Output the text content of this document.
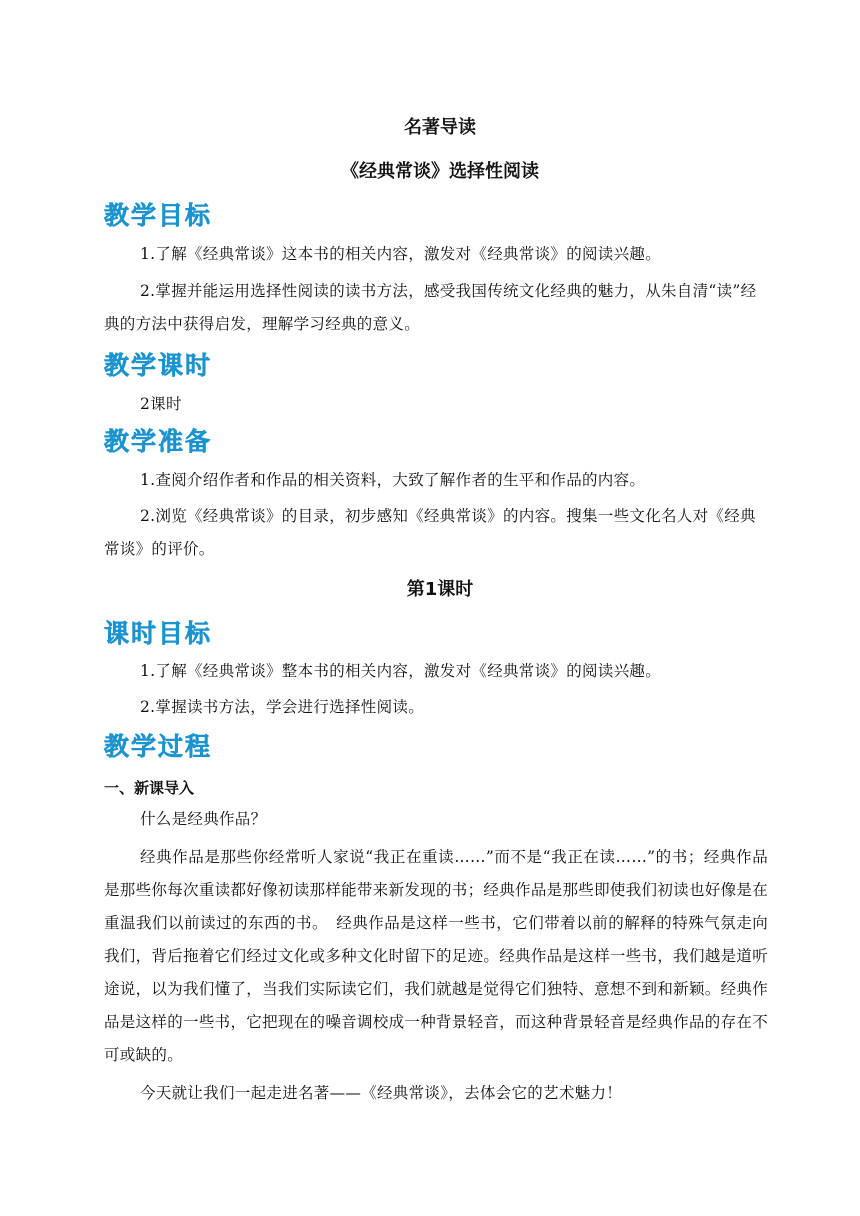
名著导读
《经典常谈》选择性阅读
教学目标
1.了解《经典常谈》这本书的相关内容，激发对《经典常谈》的阅读兴趣。
2.掌握并能运用选择性阅读的读书方法，感受我国传统文化经典的魅力，从朱自清“读”经典的方法中获得启发，理解学习经典的意义。
教学课时
2课时
教学准备
1.查阅介绍作者和作品的相关资料，大致了解作者的生平和作品的内容。
2.浏览《经典常谈》的目录，初步感知《经典常谈》的内容。搜集一些文化名人对《经典常谈》的评价。
第1课时
课时目标
1.了解《经典常谈》整本书的相关内容，激发对《经典常谈》的阅读兴趣。
2.掌握读书方法，学会进行选择性阅读。
教学过程
一、新课导入
什么是经典作品？
经典作品是那些你经常听人家说“我正在重读……”而不是“我正在读……”的书；经典作品是那些你每次重读都好像初读那样能带来新发现的书；经典作品是那些即使我们初读也好像是在重温我们以前读过的东西的书。　经典作品是这样一些书，它们带着以前的解释的特殊气氛走向我们，背后拖着它们经过文化或多种文化时留下的足迹。经典作品是这样一些书，我们越是道听途说，以为我们懂了，当我们实际读它们，我们就越是觉得它们独特、意想不到和新颖。经典作品是这样的一些书，它把现在的噪音调校成一种背景轻音，而这种背景轻音是经典作品的存在不可或缺的。
今天就让我们一起走进名著——《经典常谈》，去体会它的艺术魅力！
